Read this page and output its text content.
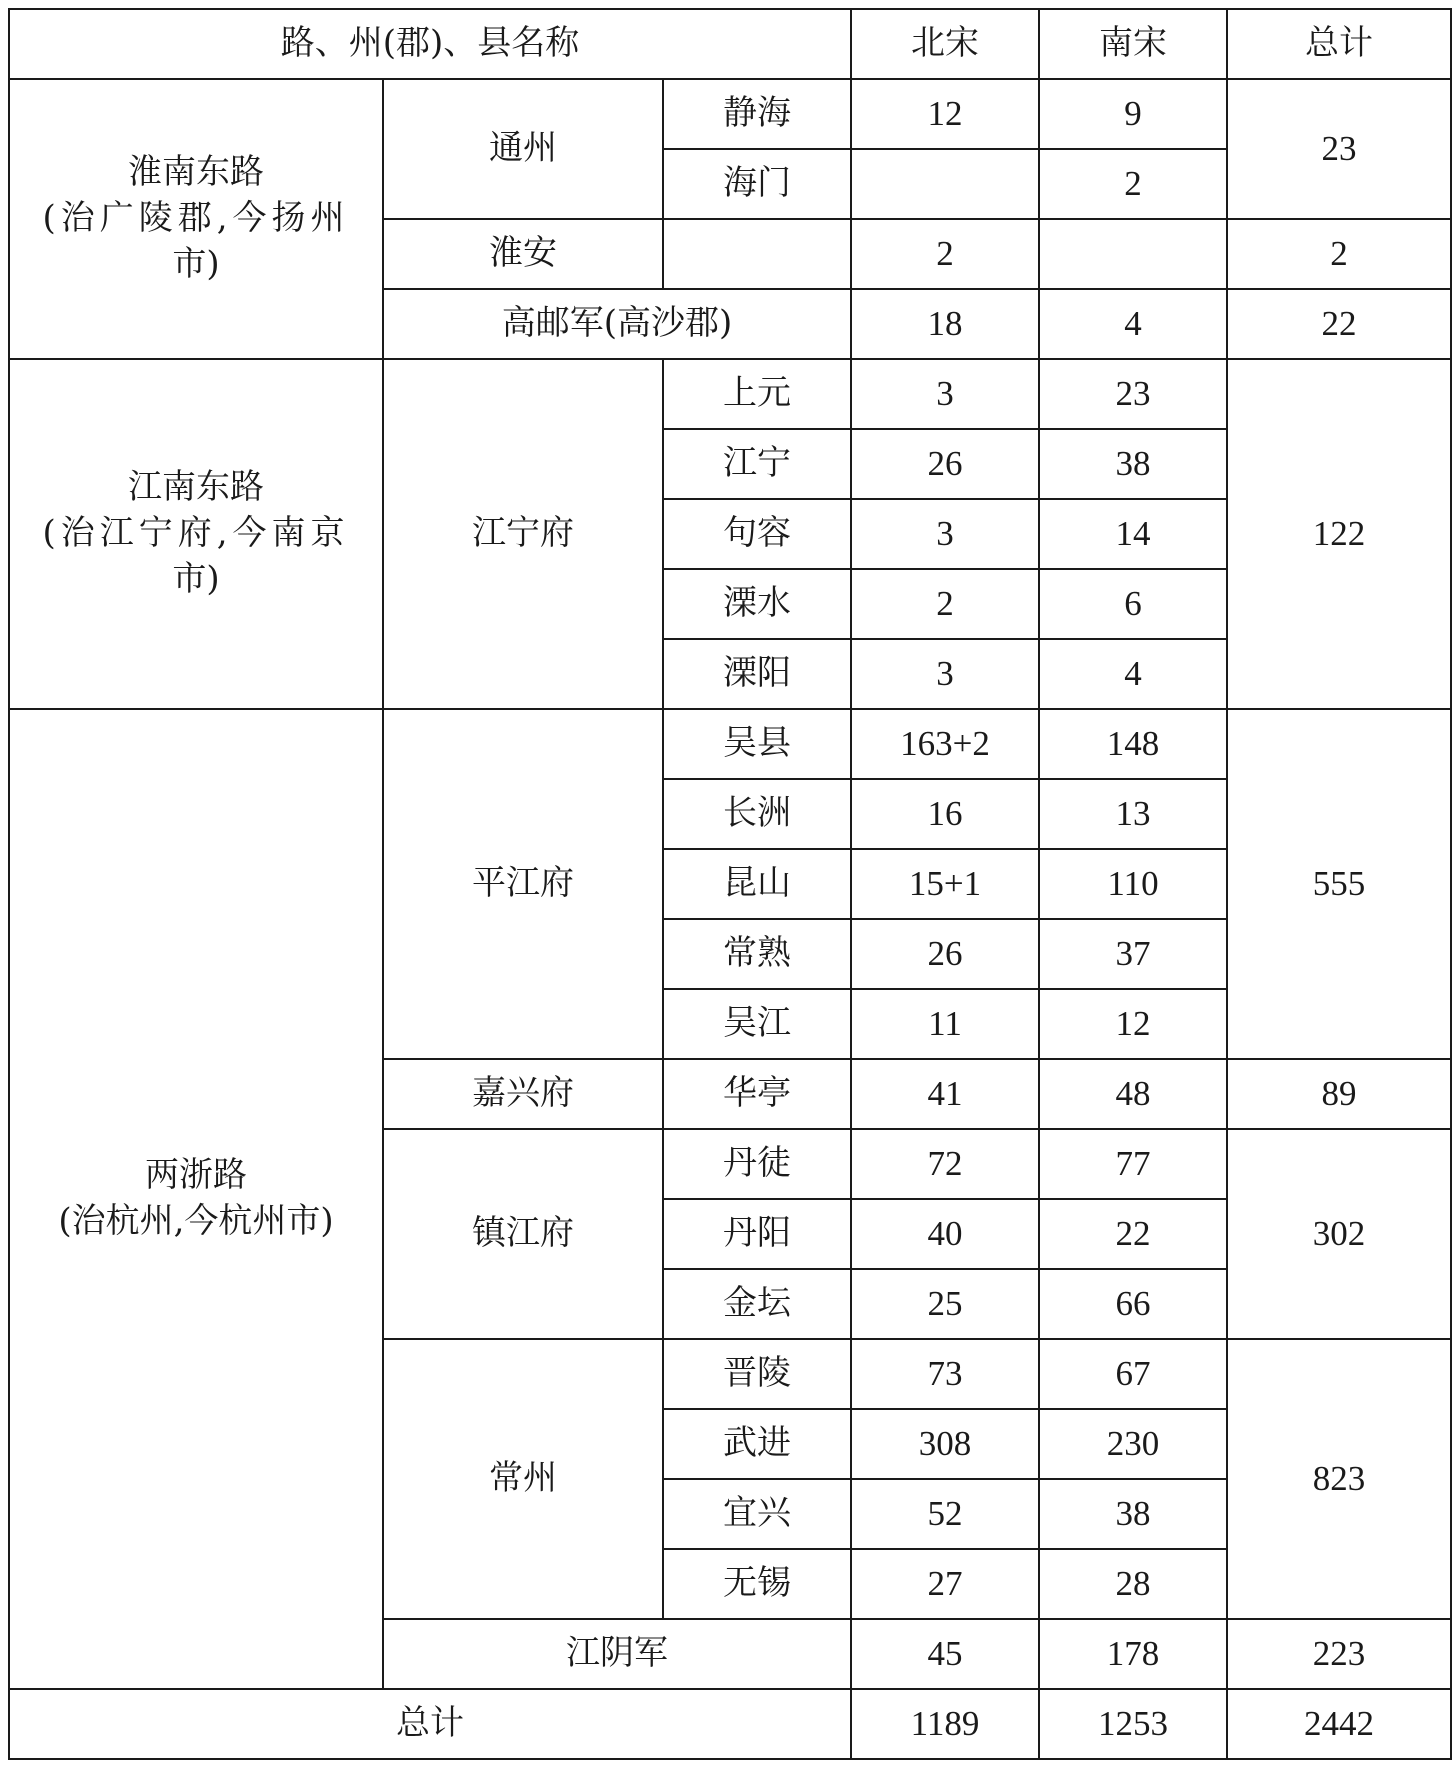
路、州(郡)、县名称			北宋	南宋	总计

淮南东路
(治广陵郡,今扬州
市)	通州	静海	12	9	23
		海门		2	
	淮安		2		2
	高邮军(高沙郡)		18	4	22

江南东路
(治江宁府,今南京
市)	江宁府	上元	3	23	122
		江宁	26	38	
		句容	3	14	
		溧水	2	6	
		溧阳	3	4	

两浙路
(治杭州,今杭州市)	平江府	吴县	163+2	148	555
		长洲	16	13	
		昆山	15+1	110	
		常熟	26	37	
		吴江	11	12	
	嘉兴府	华亭	41	48	89
	镇江府	丹徒	72	77	302
		丹阳	40	22	
		金坛	25	66	
	常州	晋陵	73	67	823
		武进	308	230	
		宜兴	52	38	
		无锡	27	28	
	江阴军		45	178	223
总计			1189	1253	2442
